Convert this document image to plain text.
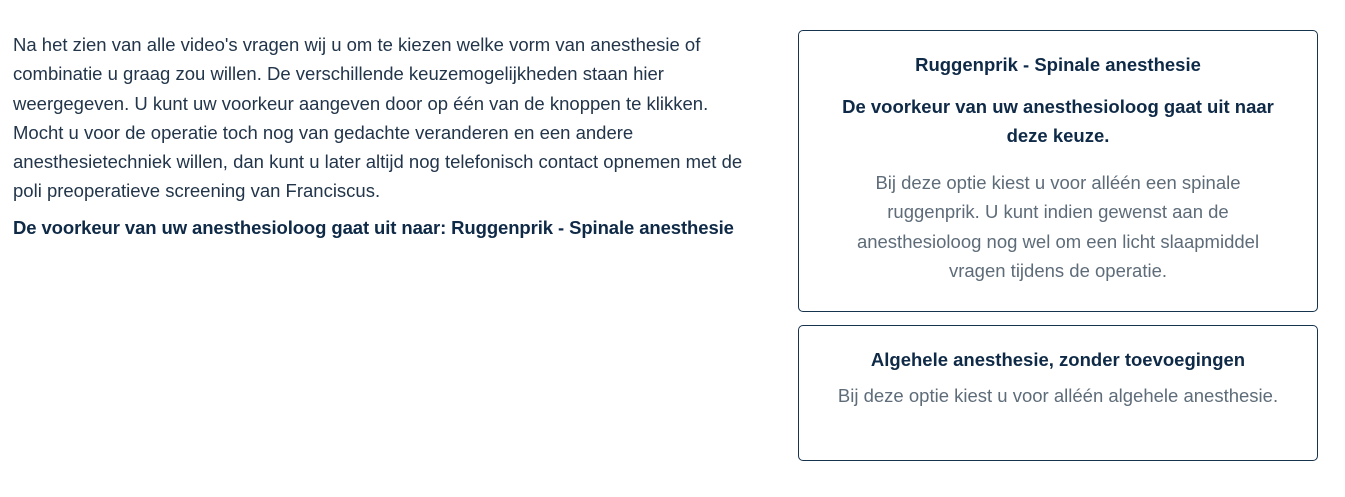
Na het zien van alle video's vragen wij u om te kiezen welke vorm van anesthesie of combinatie u graag zou willen. De verschillende keuzemogelijkheden staan hier weergegeven. U kunt uw voorkeur aangeven door op één van de knoppen te klikken. Mocht u voor de operatie toch nog van gedachte veranderen en een andere anesthesietechniek willen, dan kunt u later altijd nog telefonisch contact opnemen met de poli preoperatieve screening van Franciscus.

De voorkeur van uw anesthesioloog gaat uit naar: Ruggenprik - Spinale anesthesie

Ruggenprik - Spinale anesthesie

De voorkeur van uw anesthesioloog gaat uit naar deze keuze.

Bij deze optie kiest u voor alléén een spinale ruggenprik. U kunt indien gewenst aan de anesthesioloog nog wel om een licht slaapmiddel vragen tijdens de operatie.

Algehele anesthesie, zonder toevoegingen

Bij deze optie kiest u voor alléén algehele anesthesie.
